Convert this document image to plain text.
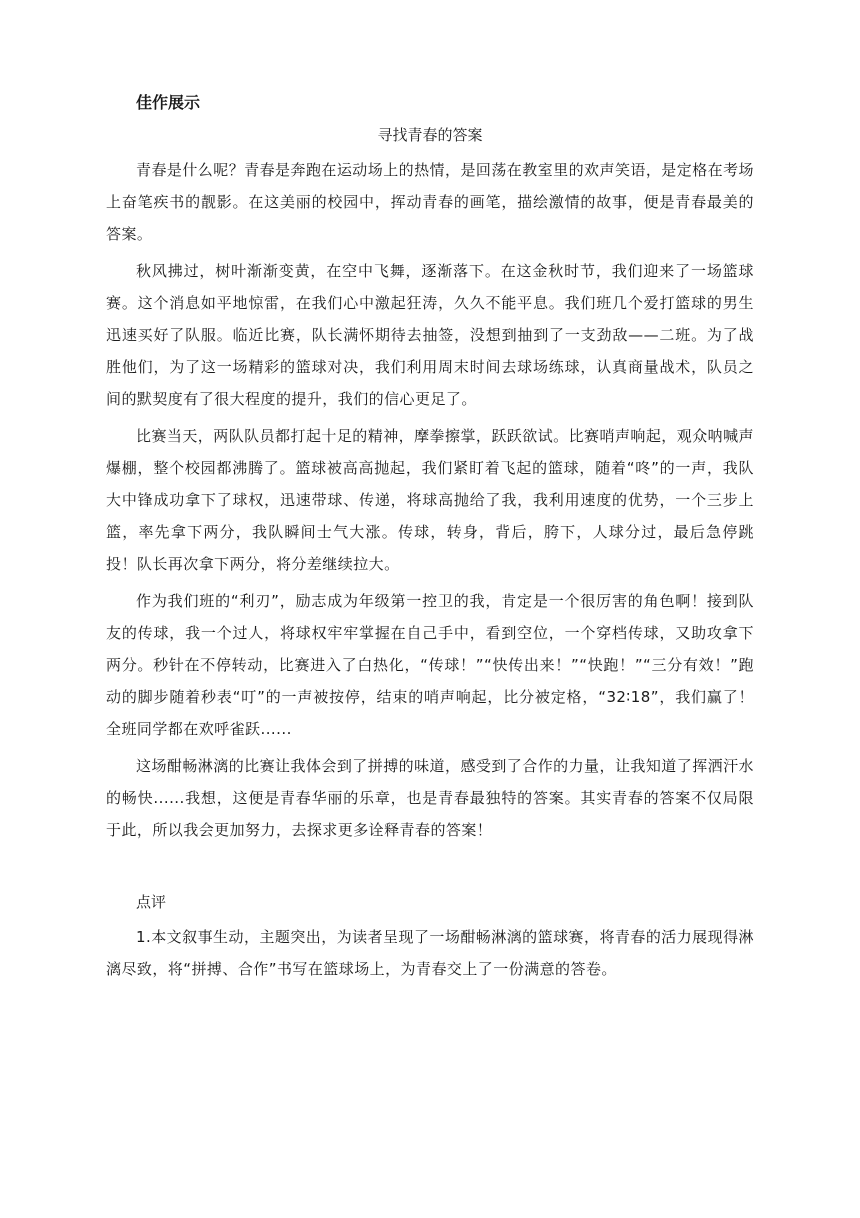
佳作展示
寻找青春的答案

青春是什么呢？青春是奔跑在运动场上的热情，是回荡在教室里的欢声笑语，是定格在考场上奋笔疾书的靓影。在这美丽的校园中，挥动青春的画笔，描绘激情的故事，便是青春最美的答案。

秋风拂过，树叶渐渐变黄，在空中飞舞，逐渐落下。在这金秋时节，我们迎来了一场篮球赛。这个消息如平地惊雷，在我们心中激起狂涛，久久不能平息。我们班几个爱打篮球的男生迅速买好了队服。临近比赛，队长满怀期待去抽签，没想到抽到了一支劲敌——二班。为了战胜他们，为了这一场精彩的篮球对决，我们利用周末时间去球场练球，认真商量战术，队员之间的默契度有了很大程度的提升，我们的信心更足了。

比赛当天，两队队员都打起十足的精神，摩拳擦掌，跃跃欲试。比赛哨声响起，观众呐喊声爆棚，整个校园都沸腾了。篮球被高高抛起，我们紧盯着飞起的篮球，随着“咚”的一声，我队大中锋成功拿下了球权，迅速带球、传递，将球高抛给了我，我利用速度的优势，一个三步上篮，率先拿下两分，我队瞬间士气大涨。传球，转身，背后，胯下，人球分过，最后急停跳投！队长再次拿下两分，将分差继续拉大。

作为我们班的“利刃”，励志成为年级第一控卫的我，肯定是一个很厉害的角色啊！接到队友的传球，我一个过人，将球权牢牢掌握在自己手中，看到空位，一个穿档传球，又助攻拿下两分。秒针在不停转动，比赛进入了白热化，“传球！”“快传出来！”“快跑！”“三分有效！”跑动的脚步随着秒表“叮”的一声被按停，结束的哨声响起，比分被定格，“32∶18”，我们赢了！全班同学都在欢呼雀跃......

这场酣畅淋漓的比赛让我体会到了拼搏的味道，感受到了合作的力量，让我知道了挥洒汗水的畅快......我想，这便是青春华丽的乐章，也是青春最独特的答案。其实青春的答案不仅局限于此，所以我会更加努力，去探求更多诠释青春的答案！

点评

1.本文叙事生动，主题突出，为读者呈现了一场酣畅淋漓的篮球赛，将青春的活力展现得淋漓尽致，将“拼搏、合作”书写在篮球场上，为青春交上了一份满意的答卷。
